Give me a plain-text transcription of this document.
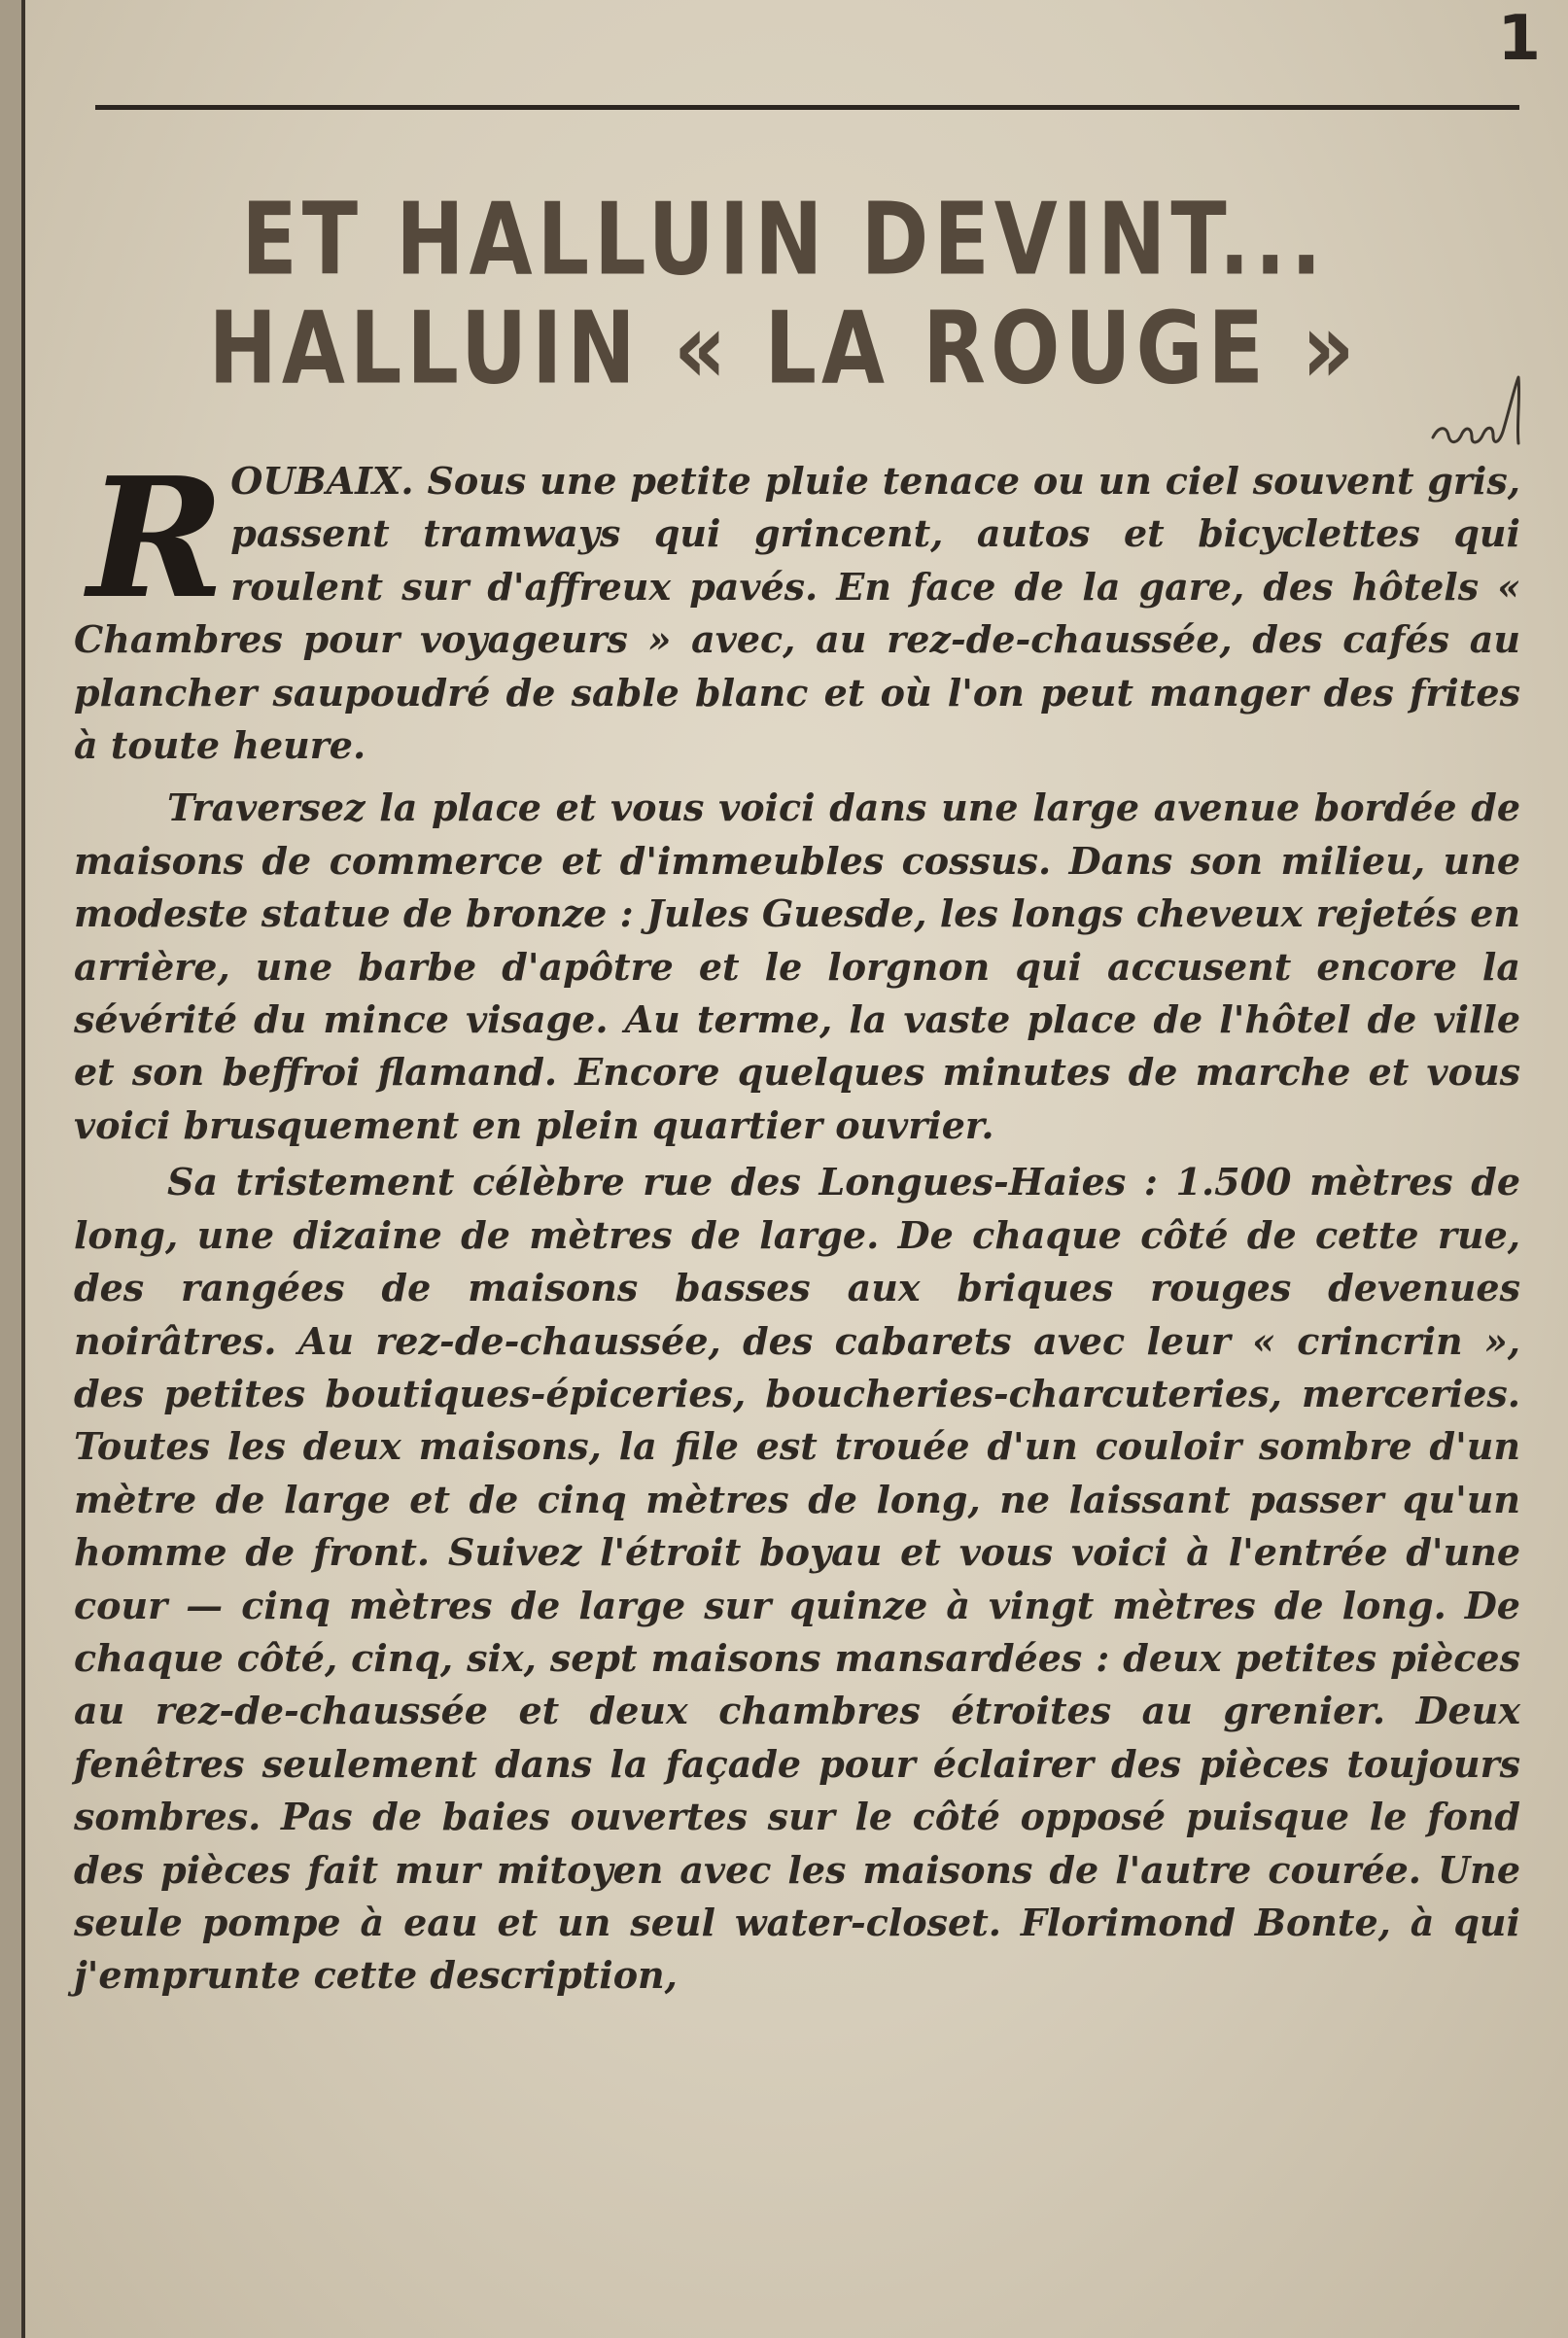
1
ET HALLUIN DEVINT...
HALLUIN « LA ROUGE »

ROUBAIX. Sous une petite pluie tenace ou un ciel souvent gris, passent tramways qui grincent, autos et bicyclettes qui roulent sur d'affreux pavés. En face de la gare, des hôtels « Chambres pour voyageurs » avec, au rez-de-chaussée, des cafés au plancher saupoudré de sable blanc et où l'on peut manger des frites à toute heure.

Traversez la place et vous voici dans une large avenue bordée de maisons de commerce et d'immeubles cossus. Dans son milieu, une modeste statue de bronze : Jules Guesde, les longs cheveux rejetés en arrière, une barbe d'apôtre et le lorgnon qui accusent encore la sévérité du mince visage. Au terme, la vaste place de l'hôtel de ville et son beffroi flamand. Encore quelques minutes de marche et vous voici brusquement en plein quartier ouvrier.

Sa tristement célèbre rue des Longues-Haies : 1.500 mètres de long, une dizaine de mètres de large. De chaque côté de cette rue, des rangées de maisons basses aux briques rouges devenues noirâtres. Au rez-de-chaussée, des cabarets avec leur « crincrin », des petites boutiques-épiceries, boucheries-charcuteries, merceries. Toutes les deux maisons, la file est trouée d'un couloir sombre d'un mètre de large et de cinq mètres de long, ne laissant passer qu'un homme de front. Suivez l'étroit boyau et vous voici à l'entrée d'une cour — cinq mètres de large sur quinze à vingt mètres de long. De chaque côté, cinq, six, sept maisons mansardées : deux petites pièces au rez-de-chaussée et deux chambres étroites au grenier. Deux fenêtres seulement dans la façade pour éclairer des pièces toujours sombres. Pas de baies ouvertes sur le côté opposé puisque le fond des pièces fait mur mitoyen avec les maisons de l'autre courée. Une seule pompe à eau et un seul water-closet. Florimond Bonte, à qui j'emprunte cette description,
